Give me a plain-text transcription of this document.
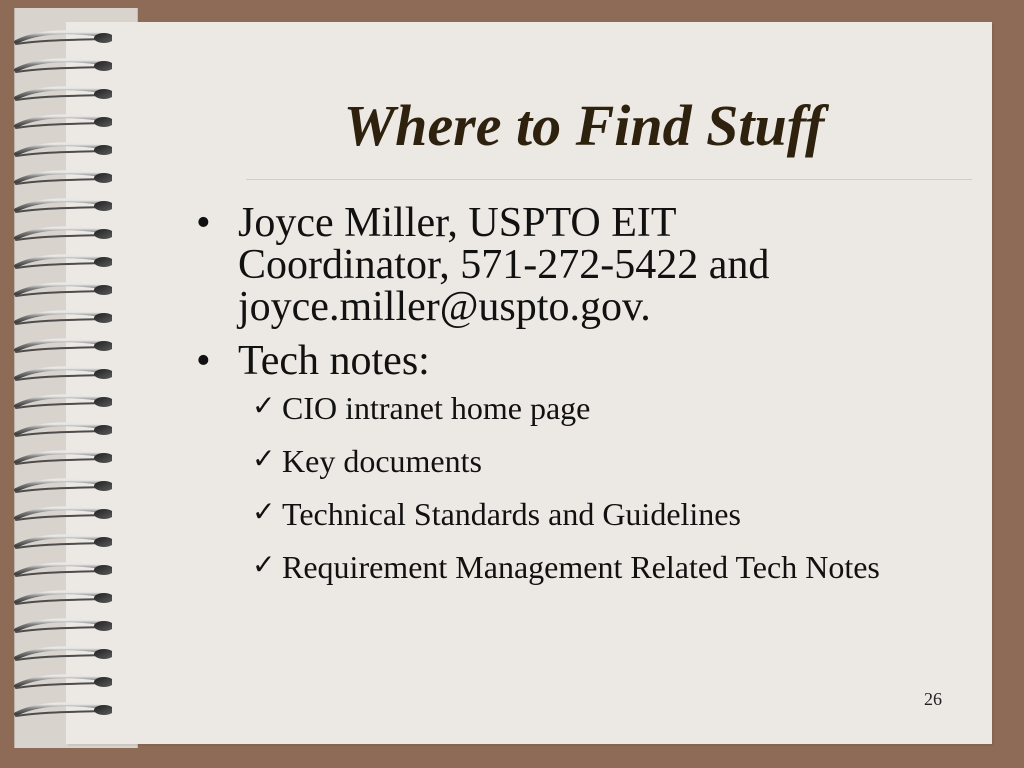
Where to Find Stuff
• Joyce Miller, USPTO EIT
Coordinator, 571-272-5422 and
joyce.miller@uspto.gov.
• Tech notes:
✓ CIO intranet home page
✓ Key documents
✓ Technical Standards and Guidelines
✓ Requirement Management Related Tech Notes
26
